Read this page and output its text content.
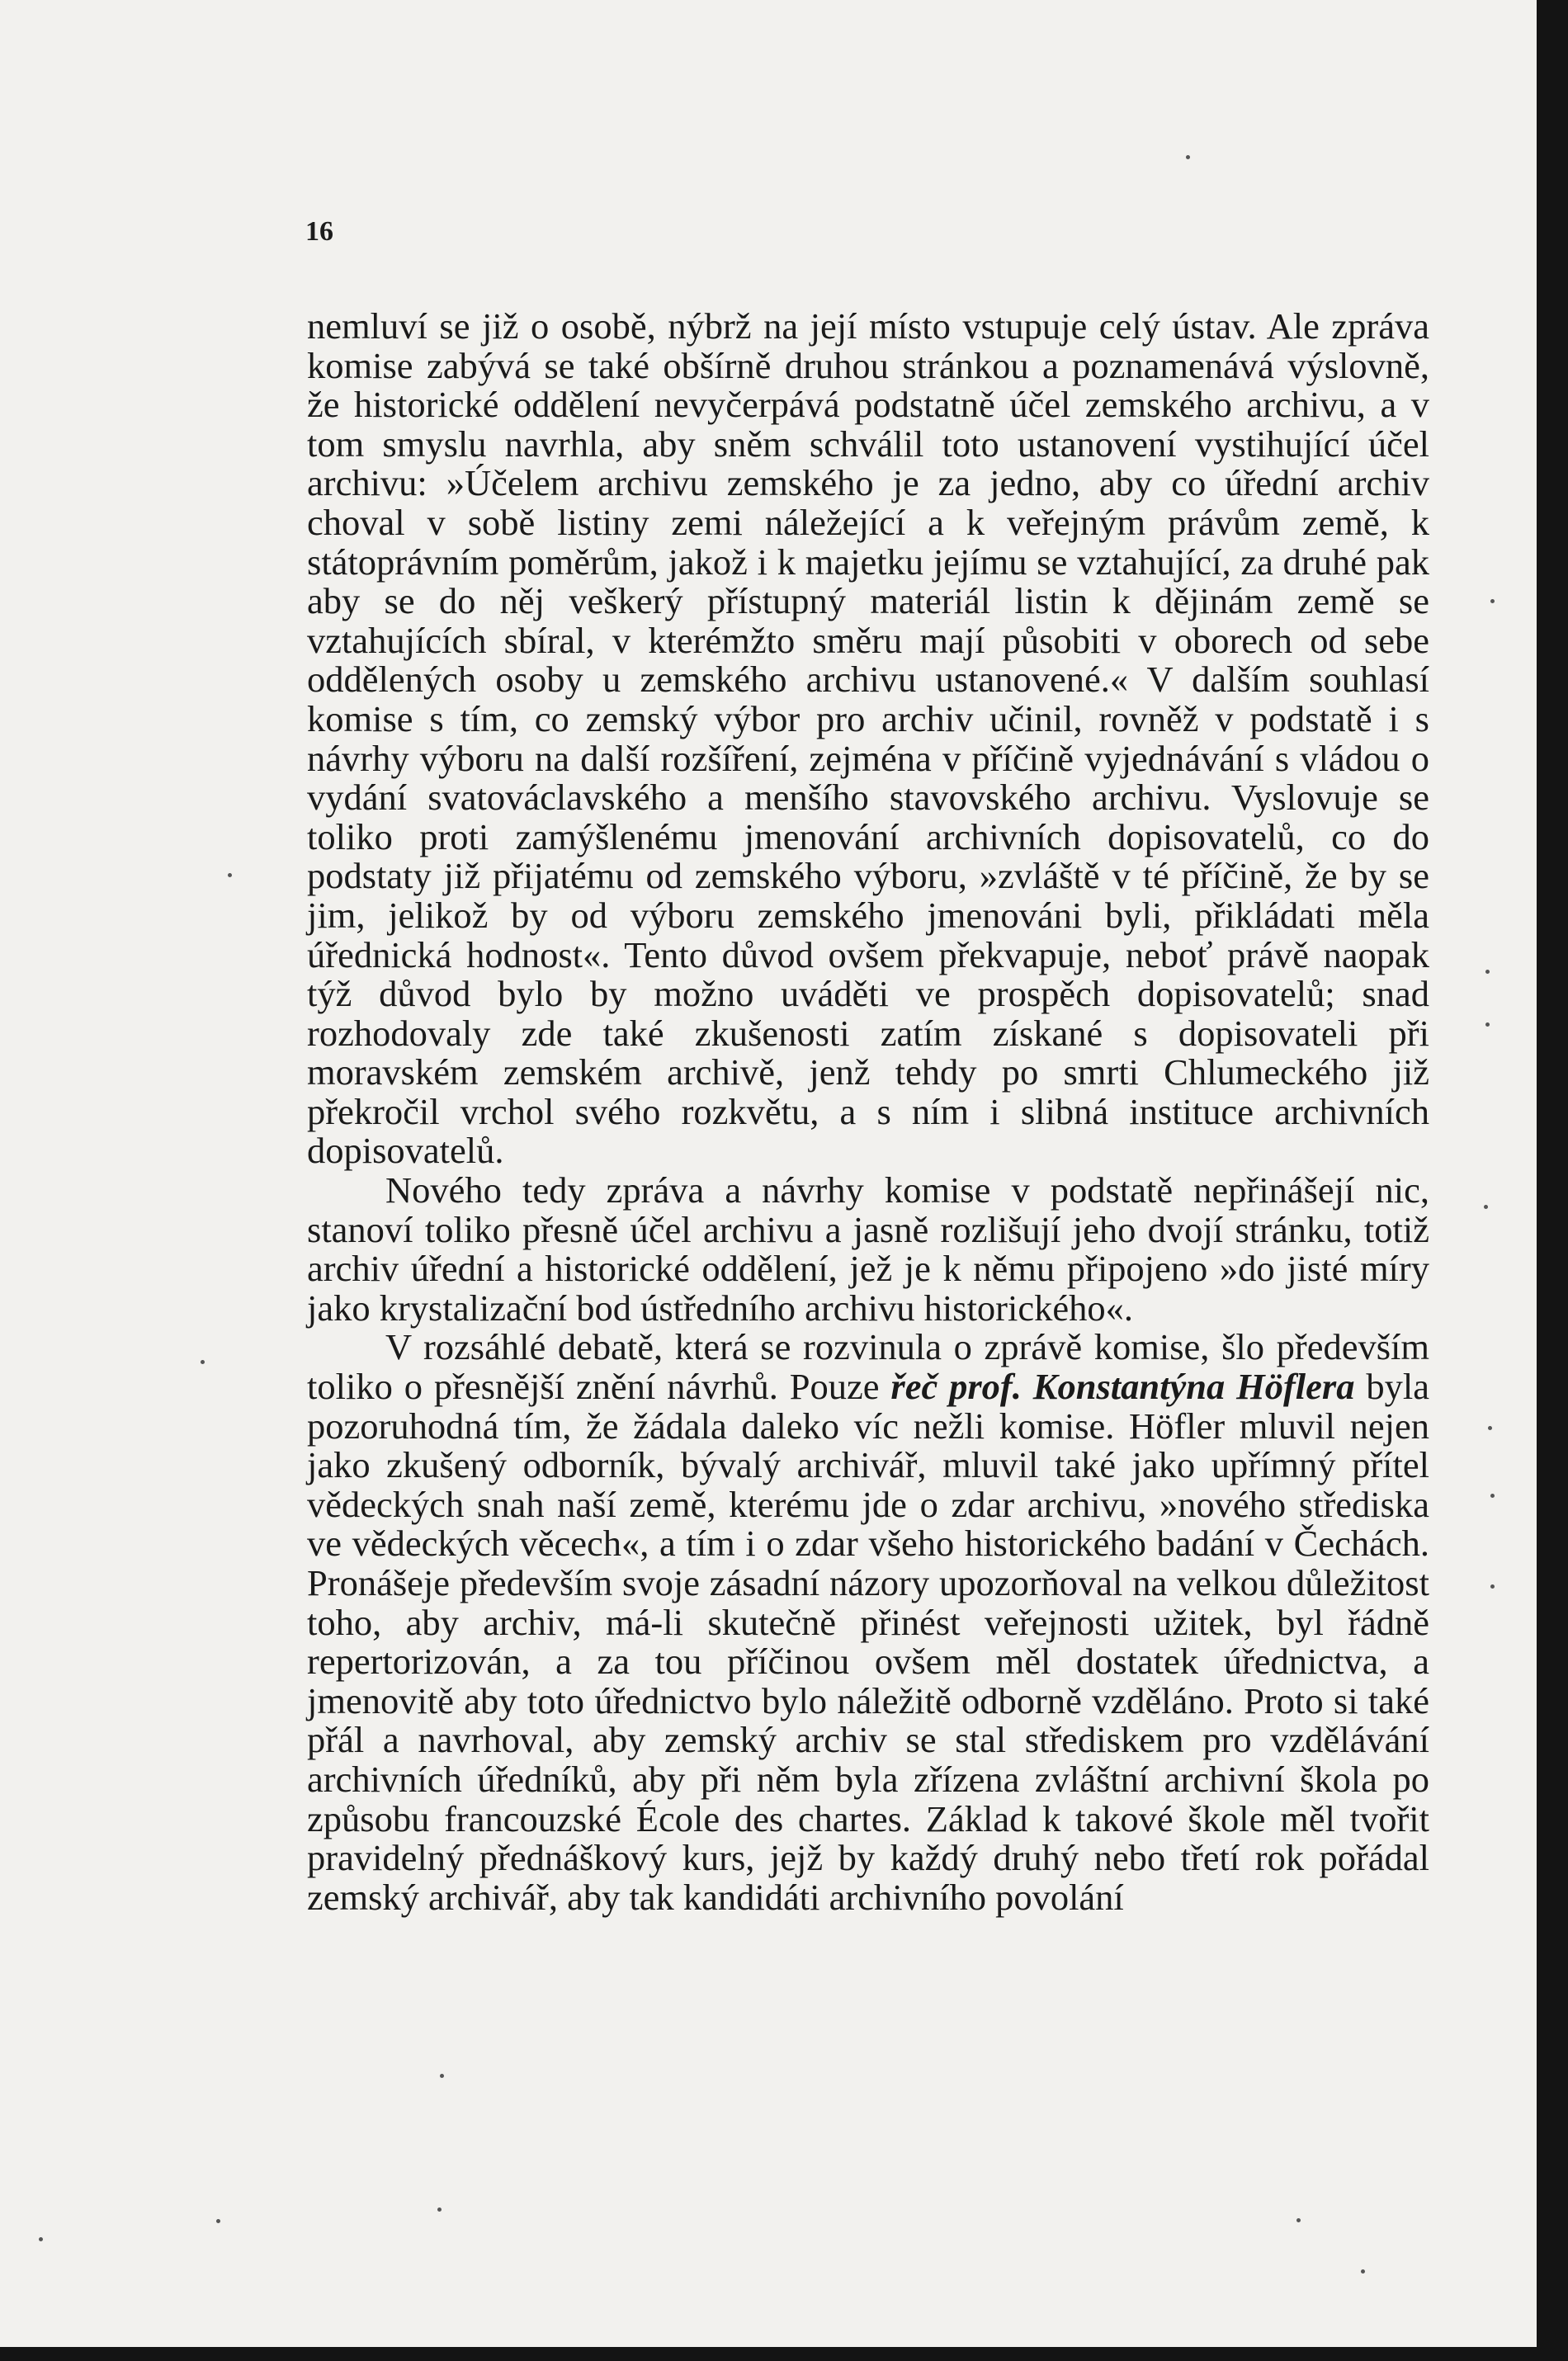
16

nemluví se již o osobě, nýbrž na její místo vstupuje celý ústav. Ale zpráva komise zabývá se také obšírně druhou stránkou a poznamenává výslovně, že historické oddělení nevyčerpává podstatně účel zemského archivu, a v tom smyslu navrhla, aby sněm schválil toto ustanovení vystihující účel archivu: »Účelem archivu zemského je za jedno, aby co úřední archiv choval v sobě listiny zemi náležející a k veřejným právům země, k státoprávním poměrům, jakož i k majetku jejímu se vztahující, za druhé pak aby se do něj veškerý přístupný materiál listin k dějinám země se vztahujících sbíral, v kterémžto směru mají působiti v oborech od sebe oddělených osoby u zemského archivu ustanovené.« V dalším souhlasí komise s tím, co zemský výbor pro archiv učinil, rovněž v podstatě i s návrhy výboru na další rozšíření, zejména v příčině vyjednávání s vládou o vydání svatováclavského a menšího stavovského archivu. Vyslovuje se toliko proti zamýšlenému jmenování archivních dopisovatelů, co do podstaty již přijatému od zemského výboru, »zvláště v té příčině, že by se jim, jelikož by od výboru zemského jmenováni byli, přikládati měla úřednická hodnost«. Tento důvod ovšem překvapuje, neboť právě naopak týž důvod bylo by možno uváděti ve prospěch dopisovatelů; snad rozhodovaly zde také zkušenosti zatím získané s dopisovateli při moravském zemském archivě, jenž tehdy po smrti Chlumeckého již překročil vrchol svého rozkvětu, a s ním i slibná instituce archivních dopisovatelů.

Nového tedy zpráva a návrhy komise v podstatě nepřinášejí nic, stanoví toliko přesně účel archivu a jasně rozlišují jeho dvojí stránku, totiž archiv úřední a historické oddělení, jež je k němu připojeno »do jisté míry jako krystalizační bod ústředního archivu historického«.

V rozsáhlé debatě, která se rozvinula o zprávě komise, šlo především toliko o přesnější znění návrhů. Pouze řeč prof. Konstantýna Höflera byla pozoruhodná tím, že žádala daleko víc nežli komise. Höfler mluvil nejen jako zkušený odborník, bývalý archivář, mluvil také jako upřímný přítel vědeckých snah naší země, kterému jde o zdar archivu, »nového střediska ve vědeckých věcech«, a tím i o zdar všeho historického badání v Čechách. Pronášeje především svoje zásadní názory upozorňoval na velkou důležitost toho, aby archiv, má-li skutečně přinést veřejnosti užitek, byl řádně repertorizován, a za tou příčinou ovšem měl dostatek úřednictva, a jmenovitě aby toto úřednictvo bylo náležitě odborně vzděláno. Proto si také přál a navrhoval, aby zemský archiv se stal střediskem pro vzdělávání archivních úředníků, aby při něm byla zřízena zvláštní archivní škola po způsobu francouzské École des chartes. Základ k takové škole měl tvořit pravidelný přednáškový kurs, jejž by každý druhý nebo třetí rok pořádal zemský archivář, aby tak kandidáti archivního povolání
